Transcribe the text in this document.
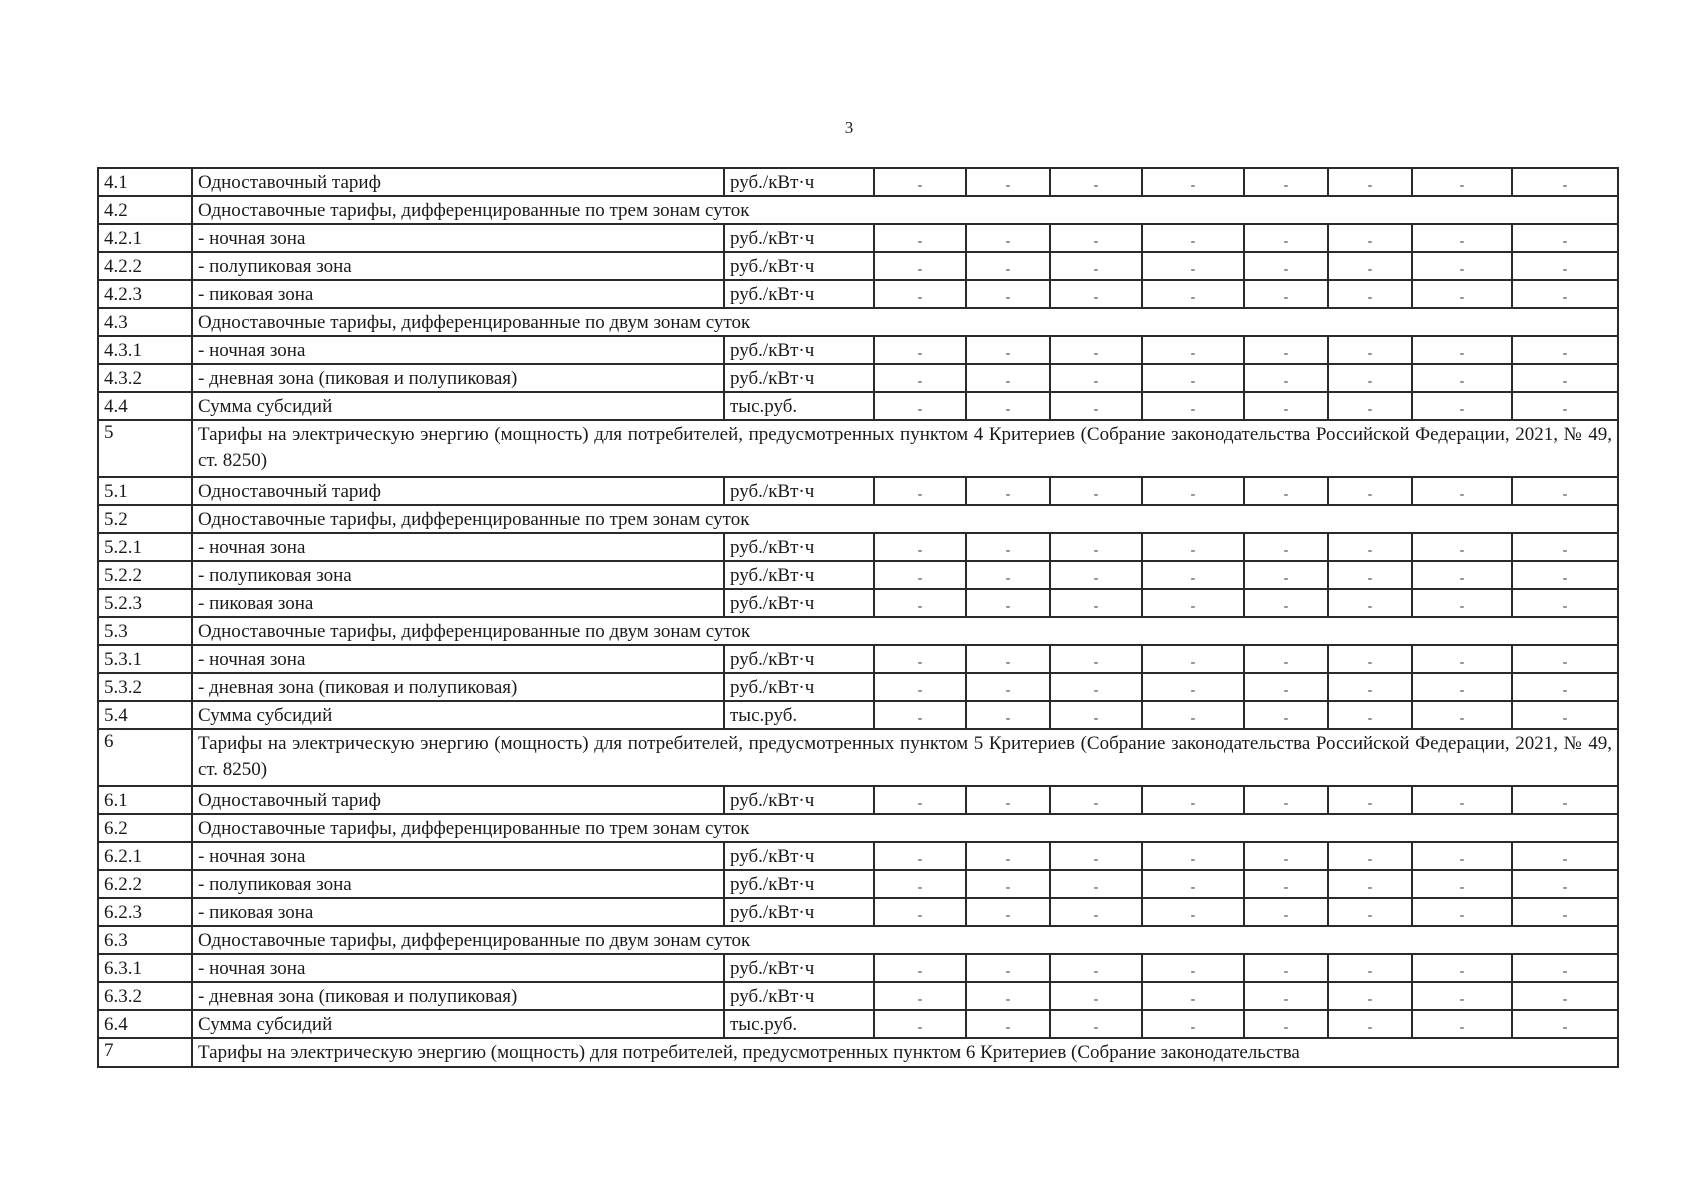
3
4.1	Одноставочный тариф	руб./кВт·ч	-	-	-	-	-	-	-	-
4.2	Одноставочные тарифы, дифференцированные по трем зонам суток									
4.2.1	- ночная зона	руб./кВт·ч	-	-	-	-	-	-	-	-
4.2.2	- полупиковая зона	руб./кВт·ч	-	-	-	-	-	-	-	-
4.2.3	- пиковая зона	руб./кВт·ч	-	-	-	-	-	-	-	-
4.3	Одноставочные тарифы, дифференцированные по двум зонам суток									
4.3.1	- ночная зона	руб./кВт·ч	-	-	-	-	-	-	-	-
4.3.2	- дневная зона (пиковая и полупиковая)	руб./кВт·ч	-	-	-	-	-	-	-	-
4.4	Сумма субсидий	тыс.руб.	-	-	-	-	-	-	-	-
5	Тарифы на электрическую энергию (мощность) для потребителей, предусмотренных пунктом 4 Критериев (Собрание законодательства Российской Федерации, 2021, № 49, ст. 8250)									
5.1	Одноставочный тариф	руб./кВт·ч	-	-	-	-	-	-	-	-
5.2	Одноставочные тарифы, дифференцированные по трем зонам суток									
5.2.1	- ночная зона	руб./кВт·ч	-	-	-	-	-	-	-	-
5.2.2	- полупиковая зона	руб./кВт·ч	-	-	-	-	-	-	-	-
5.2.3	- пиковая зона	руб./кВт·ч	-	-	-	-	-	-	-	-
5.3	Одноставочные тарифы, дифференцированные по двум зонам суток									
5.3.1	- ночная зона	руб./кВт·ч	-	-	-	-	-	-	-	-
5.3.2	- дневная зона (пиковая и полупиковая)	руб./кВт·ч	-	-	-	-	-	-	-	-
5.4	Сумма субсидий	тыс.руб.	-	-	-	-	-	-	-	-
6	Тарифы на электрическую энергию (мощность) для потребителей, предусмотренных пунктом 5 Критериев (Собрание законодательства Российской Федерации, 2021, № 49, ст. 8250)									
6.1	Одноставочный тариф	руб./кВт·ч	-	-	-	-	-	-	-	-
6.2	Одноставочные тарифы, дифференцированные по трем зонам суток									
6.2.1	- ночная зона	руб./кВт·ч	-	-	-	-	-	-	-	-
6.2.2	- полупиковая зона	руб./кВт·ч	-	-	-	-	-	-	-	-
6.2.3	- пиковая зона	руб./кВт·ч	-	-	-	-	-	-	-	-
6.3	Одноставочные тарифы, дифференцированные по двум зонам суток									
6.3.1	- ночная зона	руб./кВт·ч	-	-	-	-	-	-	-	-
6.3.2	- дневная зона (пиковая и полупиковая)	руб./кВт·ч	-	-	-	-	-	-	-	-
6.4	Сумма субсидий	тыс.руб.	-	-	-	-	-	-	-	-
7	Тарифы на электрическую энергию (мощность) для потребителей, предусмотренных пунктом 6 Критериев (Собрание законодательства									
